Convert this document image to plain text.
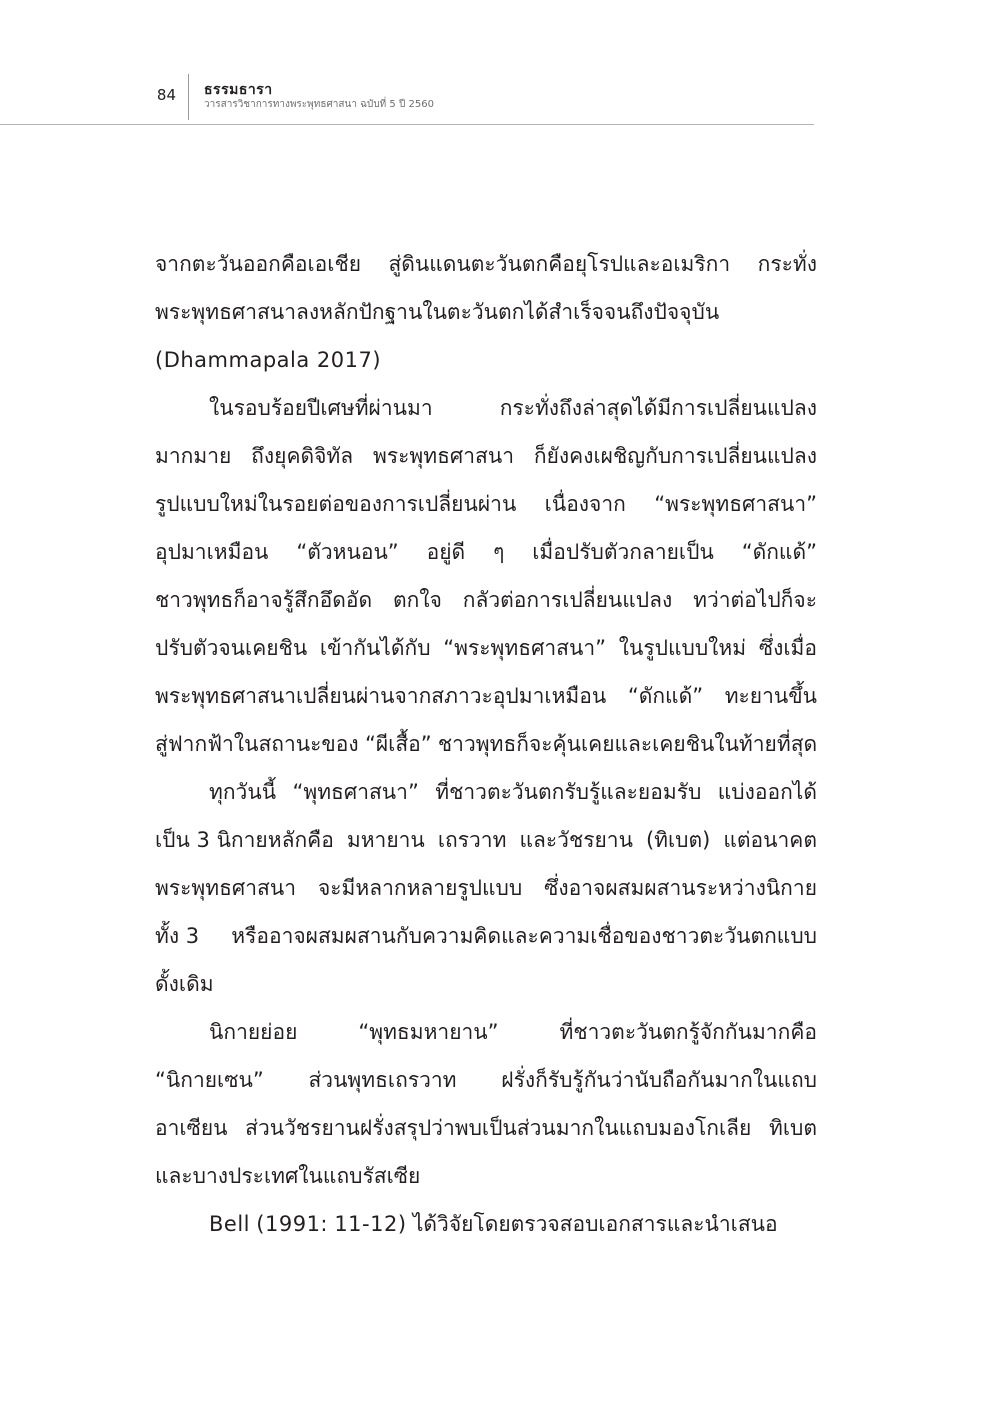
84 ธรรมธารา
วารสารวิชาการทางพระพุทธศาสนา ฉบับที่ 5 ปี 2560
จากตะวันออกคือเอเชีย สู่ดินแดนตะวันตกคือยุโรปและอเมริกา กระทั่ง
พระพุทธศาสนาลงหลักปักฐานในตะวันตกได้สำเร็จจนถึงปัจจุบัน
(Dhammapala 2017)
ในรอบร้อยปีเศษที่ผ่านมา	กระทั่งถึงล่าสุดได้มีการเปลี่ยนแปลง
มากมาย ถึงยุคดิจิทัล พระพุทธศาสนา ก็ยังคงเผชิญกับการเปลี่ยนแปลง
รูปแบบใหม่ในรอยต่อของการเปลี่ยนผ่าน เนื่องจาก “พระพุทธศาสนา”
อุปมาเหมือน “ตัวหนอน” อยู่ดี ๆ เมื่อปรับตัวกลายเป็น “ดักแด้”
ชาวพุทธก็อาจรู้สึกอึดอัด ตกใจ กลัวต่อการเปลี่ยนแปลง ทว่าต่อไปก็จะ
ปรับตัวจนเคยชิน เข้ากันได้กับ “พระพุทธศาสนา” ในรูปแบบใหม่ ซึ่งเมื่อ
พระพุทธศาสนาเปลี่ยนผ่านจากสภาวะอุปมาเหมือน “ดักแด้” ทะยานขึ้น
สู่ฟากฟ้าในสถานะของ “ผีเสื้อ” ชาวพุทธก็จะคุ้นเคยและเคยชินในท้ายที่สุด
ทุกวันนี้ “พุทธศาสนา” ที่ชาวตะวันตกรับรู้และยอมรับ แบ่งออกได้
เป็น 3 นิกายหลักคือ มหายาน เถรวาท และวัชรยาน (ทิเบต) แต่อนาคต
พระพุทธศาสนา จะมีหลากหลายรูปแบบ ซึ่งอาจผสมผสานระหว่างนิกาย
ทั้ง 3 หรืออาจผสมผสานกับความคิดและความเชื่อของชาวตะวันตกแบบ
ดั้งเดิม
นิกายย่อย	“พุทธมหายาน”	ที่ชาวตะวันตกรู้จักกันมากคือ
“นิกายเซน” ส่วนพุทธเถรวาท ฝรั่งก็รับรู้กันว่านับถือกันมากในแถบ
อาเซียน ส่วนวัชรยานฝรั่งสรุปว่าพบเป็นส่วนมากในแถบมองโกเลีย ทิเบต
และบางประเทศในแถบรัสเซีย
Bell (1991: 11-12) ได้วิจัยโดยตรวจสอบเอกสารและนำเสนอ
